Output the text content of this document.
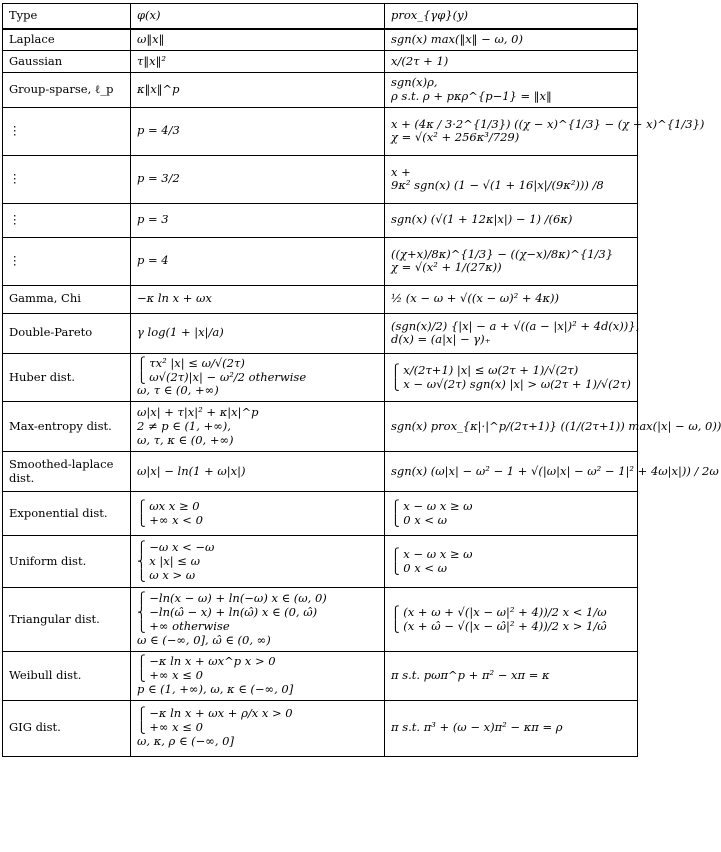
Type	φ(x)	prox_{γφ}(y)
Laplace	ω‖x‖	sgn(x) max(‖x‖ − ω, 0)

Gaussian	τ‖x‖²	x/(2τ + 1)

Group-sparse, ℓ_p	κ‖x‖^p	sgn(x)ρ,
ρ s.t. ρ + pκρ^{p−1} = ‖x‖

⋮	p = 4/3	x + (4κ / 3·2^{1/3}) ((χ − x)^{1/3} − (χ + x)^{1/3})
χ = √(x² + 256κ³/729)

⋮	p = 3/2	x +
9κ² sgn(x) (1 − √(1 + 16|x|/(9κ²))) /8

⋮	p = 3	sgn(x) (√(1 + 12κ|x|) − 1) /(6κ)

⋮	p = 4	((χ+x)/8κ)^{1/3} − ((χ−x)/8κ)^{1/3}
χ = √(x² + 1/(27κ))

Gamma, Chi	−κ ln x + ωx	½ (x − ω + √((x − ω)² + 4κ))

Double-Pareto	γ log(1 + |x|/a)	(sgn(x)/2) {|x| − a + √((a − |x|)² + 4d(x))},
d(x) = (a|x| − γ)₊

Huber dist.	⎧ τx² |x| ≤ ω/√(2τ)
⎩ ω√(2τ)|x| − ω²/2 otherwise
ω, τ ∈ (0, +∞)	⎧ x/(2τ+1) |x| ≤ ω(2τ + 1)/√(2τ)
⎩ x − ω√(2τ) sgn(x) |x| > ω(2τ + 1)/√(2τ)

Max-entropy dist.	ω|x| + τ|x|² + κ|x|^p
2 ≠ p ∈ (1, +∞),
ω, τ, κ ∈ (0, +∞)	sgn(x) prox_{κ|·|^p/(2τ+1)} ((1/(2τ+1)) max(|x| − ω, 0))

Smoothed-laplace dist.	ω|x| − ln(1 + ω|x|)	sgn(x) (ω|x| − ω² − 1 + √(|ω|x| − ω² − 1|² + 4ω|x|)) / 2ω

Exponential dist.	⎧ ωx x ≥ 0
⎩ +∞ x < 0	⎧ x − ω x ≥ ω
⎩ 0 x < ω

Uniform dist.	⎧ −ω x < −ω
⎨ x |x| ≤ ω
⎩ ω x > ω	⎧ x − ω x ≥ ω
⎩ 0 x < ω

Triangular dist.	⎧ −ln(x − ω) + ln(−ω) x ∈ (ω, 0)
⎨ −ln(ω̂ − x) + ln(ω̂) x ∈ (0, ω̂)
⎩ +∞ otherwise
ω ∈ (−∞, 0], ω̂ ∈ (0, ∞)	⎧ (x + ω + √(|x − ω|² + 4))/2 x < 1/ω
⎩ (x + ω̂ − √(|x − ω̂|² + 4))/2 x > 1/ω̂

Weibull dist.	⎧ −κ ln x + ωx^p x > 0
⎩ +∞ x ≤ 0
p ∈ (1, +∞), ω, κ ∈ (−∞, 0]	π s.t. pωπ^p + π² − xπ = κ

GIG dist.	⎧ −κ ln x + ωx + ρ/x x > 0
⎩ +∞ x ≤ 0
ω, κ, ρ ∈ (−∞, 0]	π s.t. π³ + (ω − x)π² − κπ = ρ
